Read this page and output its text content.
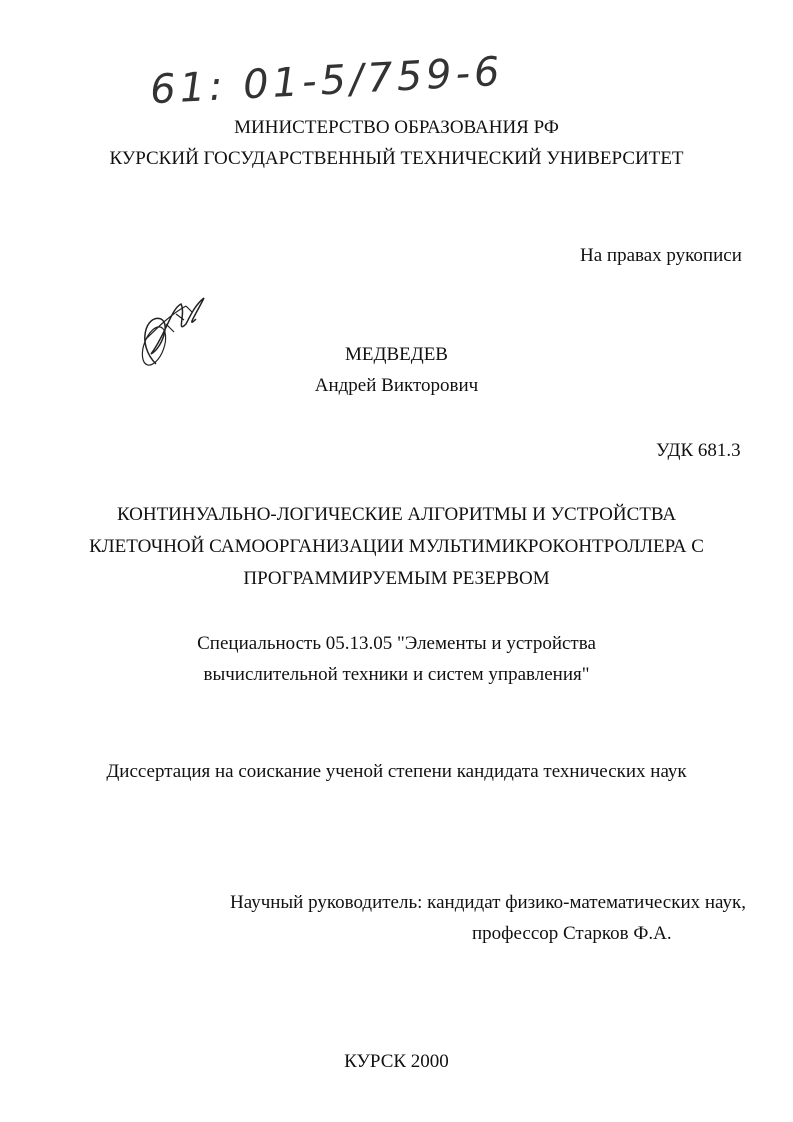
61: 01-5/759-6
МИНИСТЕРСТВО ОБРАЗОВАНИЯ РФ
КУРСКИЙ ГОСУДАРСТВЕННЫЙ ТЕХНИЧЕСКИЙ УНИВЕРСИТЕТ
На правах рукописи
МЕДВЕДЕВ
Андрей Викторович
УДК 681.3
КОНТИНУАЛЬНО-ЛОГИЧЕСКИЕ АЛГОРИТМЫ И УСТРОЙСТВА
КЛЕТОЧНОЙ САМООРГАНИЗАЦИИ МУЛЬТИМИКРОКОНТРОЛЛЕРА С
ПРОГРАММИРУЕМЫМ РЕЗЕРВОМ
Специальность 05.13.05 "Элементы и устройства
вычислительной техники и систем управления"
Диссертация на соискание ученой степени кандидата технических наук
Научный руководитель: кандидат физико-математических наук,
профессор Старков Ф.А.
КУРСК 2000
